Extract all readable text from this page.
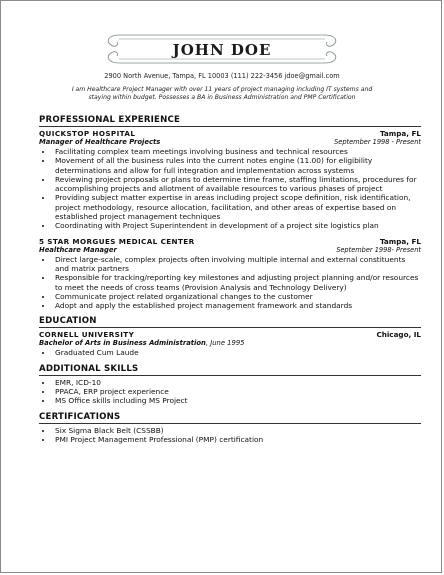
JOHN DOE
2900 North Avenue, Tampa, FL 10003 (111) 222-3456 jdoe@gmail.com
I am Healthcare Project Manager with over 11 years of project managing including IT systems and staying within budget. Possesses a BA in Business Administration and PMP Certification
PROFESSIONAL EXPERIENCE
QUICKSTOP HOSPITAL	Tampa, FL
Manager of Healthcare Projects	September 1998 - Present
• Facilitating complex team meetings involving business and technical resources
• Movement of all the business rules into the current notes engine (11.00) for eligibility determinations and allow for full integration and implementation across systems
• Reviewing project proposals or plans to determine time frame, staffing limitations, procedures for accomplishing projects and allotment of available resources to various phases of project
• Providing subject matter expertise in areas including project scope definition, risk identification, project methodology, resource allocation, facilitation, and other areas of expertise based on established project management techniques
• Coordinating with Project Superintendent in development of a project site logistics plan
5 STAR MORGUES MEDICAL CENTER	Tampa, FL
Healthcare Manager	September 1998- Present
• Direct large-scale, complex projects often involving multiple internal and external constituents and matrix partners
• Responsible for tracking/reporting key milestones and adjusting project planning and/or resources to meet the needs of cross teams (Provision Analysis and Technology Delivery)
• Communicate project related organizational changes to the customer
• Adopt and apply the established project management framework and standards
EDUCATION
CORNELL UNIVERSITY	Chicago, IL
Bachelor of Arts in Business Administration, June 1995
• Graduated Cum Laude
ADDITIONAL SKILLS
• EMR, ICD-10
• PPACA, ERP project experience
• MS Office skills including MS Project
CERTIFICATIONS
• Six Sigma Black Belt (CSSBB)
• PMI Project Management Professional (PMP) certification
